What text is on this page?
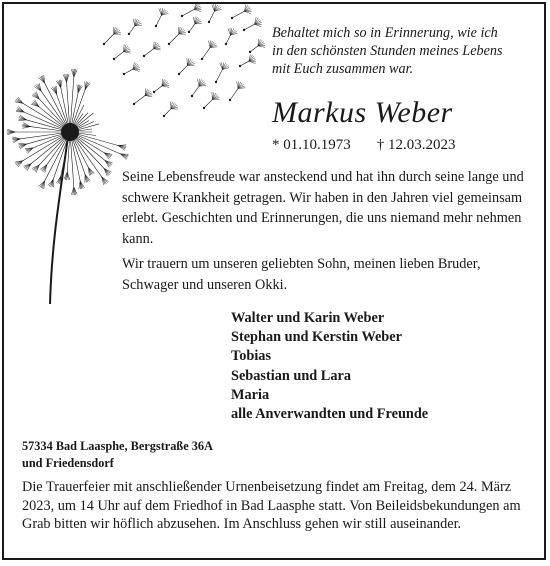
Behaltet mich so in Erinnerung, wie ich
in den schönsten Stunden meines Lebens
mit Euch zusammen war.

Markus Weber
* 01.10.1973 † 12.03.2023

Seine Lebensfreude war ansteckend und hat ihn durch seine lange und schwere Krankheit getragen. Wir haben in den Jahren viel gemeinsam erlebt. Geschichten und Erinnerungen, die uns niemand mehr nehmen kann.

Wir trauern um unseren geliebten Sohn, meinen lieben Bruder, Schwager und unseren Okki.

Walter und Karin Weber
Stephan und Kerstin Weber
Tobias
Sebastian und Lara
Maria
alle Anverwandten und Freunde
57334 Bad Laasphe, Bergstraße 36A
und Friedensdorf

Die Trauerfeier mit anschließender Urnenbeisetzung findet am Freitag, dem 24. März 2023, um 14 Uhr auf dem Friedhof in Bad Laasphe statt. Von Beileidsbekundungen am Grab bitten wir höflich abzusehen. Im Anschluss gehen wir still auseinander.
